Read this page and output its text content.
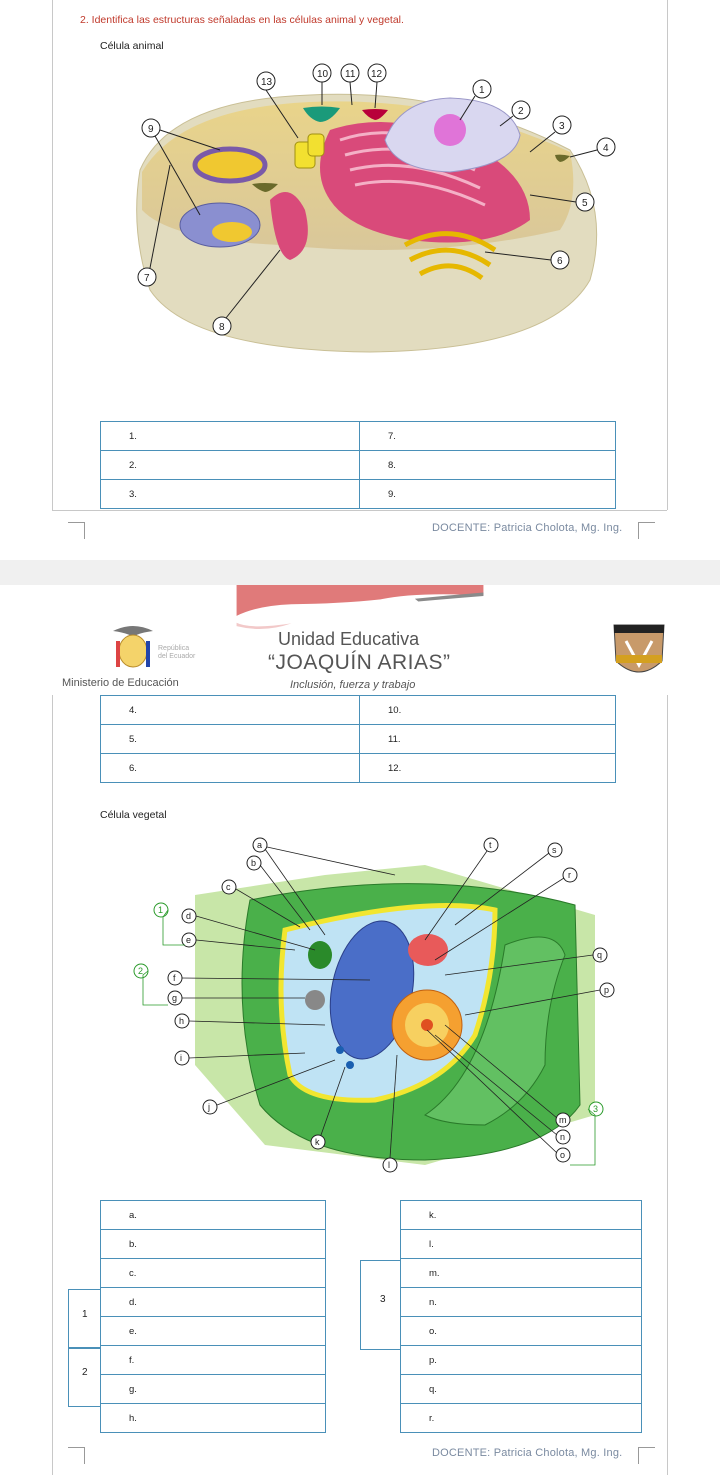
2. Identifica las estructuras señaladas en las células animal y vegetal.
Célula animal
13
10 11 12
1
2
3
4
5
6
7
8
9
1.	7.
2.	8.
3.	9.
DOCENTE: Patricia Cholota, Mg. Ing.
República del Ecuador
Ministerio de Educación
Unidad Educativa
“JOAQUÍN ARIAS”
Inclusión, fuerza y trabajo
4.	10.
5.	11.
6.	12.
Célula vegetal
a
b
c
d
e
f
g
h
i
j
k
l
m
n
o
p
q
r
s
t
1
2
3
a.
b.
c.
d.
e.
f.
g.
h.
k.
l.
m.
n.
o.
p.
q.
r.
1
2
3
DOCENTE: Patricia Cholota, Mg. Ing.
